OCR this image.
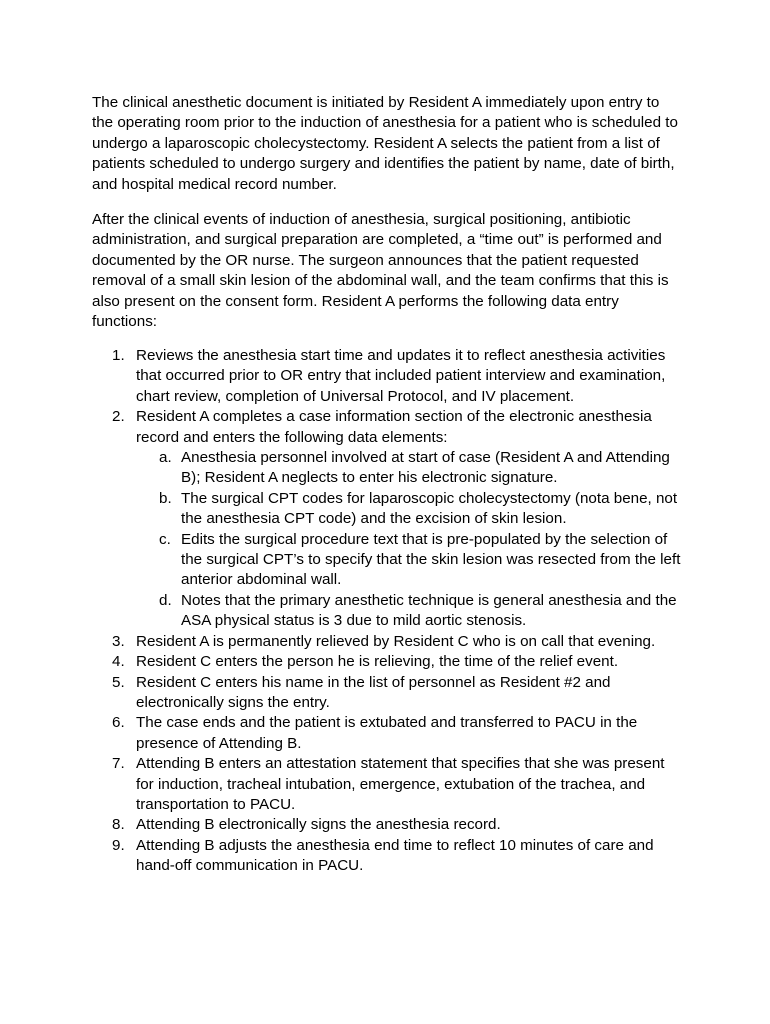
The clinical anesthetic document is initiated by Resident A immediately upon entry to
the operating room prior to the induction of anesthesia for a patient who is scheduled to
undergo a laparoscopic cholecystectomy. Resident A selects the patient from a list of
patients scheduled to undergo surgery and identifies the patient by name, date of birth,
and hospital medical record number.

After the clinical events of induction of anesthesia, surgical positioning, antibiotic
administration, and surgical preparation are completed, a “time out” is performed and
documented by the OR nurse. The surgeon announces that the patient requested
removal of a small skin lesion of the abdominal wall, and the team confirms that this is
also present on the consent form. Resident A performs the following data entry
functions:

1. Reviews the anesthesia start time and updates it to reflect anesthesia activities
that occurred prior to OR entry that included patient interview and examination,
chart review, completion of Universal Protocol, and IV placement.
2. Resident A completes a case information section of the electronic anesthesia
record and enters the following data elements:
a. Anesthesia personnel involved at start of case (Resident A and Attending
B); Resident A neglects to enter his electronic signature.
b. The surgical CPT codes for laparoscopic cholecystectomy (nota bene, not
the anesthesia CPT code) and the excision of skin lesion.
c. Edits the surgical procedure text that is pre-populated by the selection of
the surgical CPT’s to specify that the skin lesion was resected from the left
anterior abdominal wall.
d. Notes that the primary anesthetic technique is general anesthesia and the
ASA physical status is 3 due to mild aortic stenosis.
3. Resident A is permanently relieved by Resident C who is on call that evening.
4. Resident C enters the person he is relieving, the time of the relief event.
5. Resident C enters his name in the list of personnel as Resident #2 and
electronically signs the entry.
6. The case ends and the patient is extubated and transferred to PACU in the
presence of Attending B.
7. Attending B enters an attestation statement that specifies that she was present
for induction, tracheal intubation, emergence, extubation of the trachea, and
transportation to PACU.
8. Attending B electronically signs the anesthesia record.
9. Attending B adjusts the anesthesia end time to reflect 10 minutes of care and
hand-off communication in PACU.
